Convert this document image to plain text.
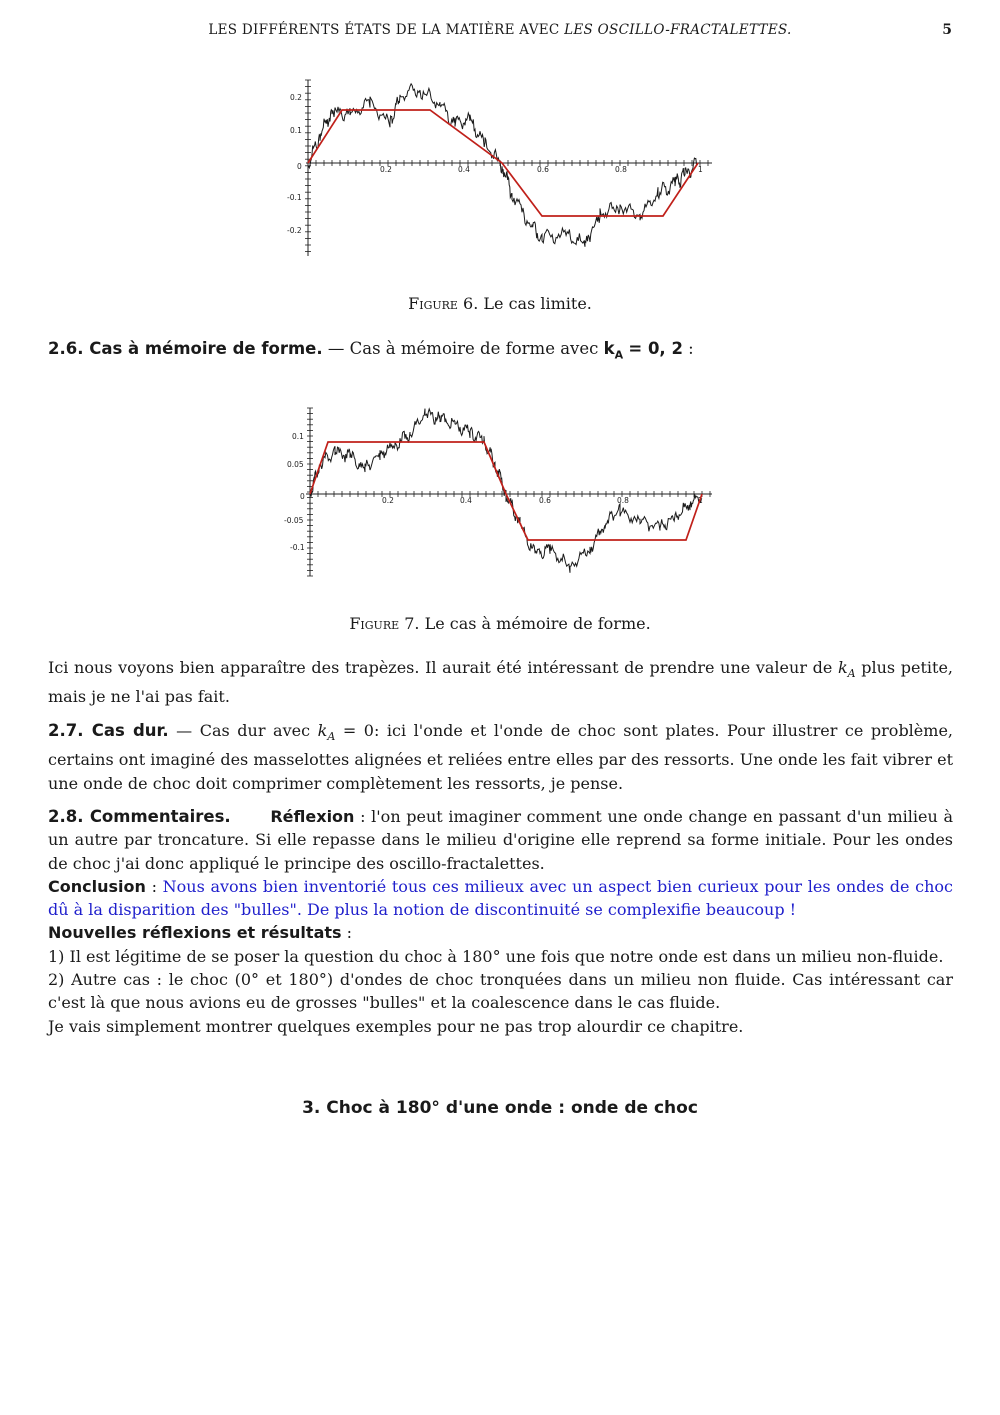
LES DIFFÉRENTS ÉTATS DE LA MATIÈRE AVEC LES OSCILLO-FRACTALETTES.	5
0.2
0.1
0
-0.1
-0.2
0.2	0.4	0.6	0.8	1
Figure 6. Le cas limite.

2.6. Cas à mémoire de forme. — Cas à mémoire de forme avec $k_A = 0$, 2 :

0.1
0.05
0
-0.05
-0.1
0.2	0.4	0.6	0.8	1
Figure 7. Le cas à mémoire de forme.

Ici nous voyons bien apparaître des trapèzes. Il aurait été intéressant de prendre une valeur de $k_A$ plus petite, mais je ne l'ai pas fait.

2.7. Cas dur. — Cas dur avec $k_A = 0$: ici l'onde et l'onde de choc sont plates. Pour illustrer ce problème, certains ont imaginé des masselottes alignées et reliées entre elles par des ressorts. Une onde les fait vibrer et une onde de choc doit comprimer complètement les ressorts, je pense.

2.8. Commentaires. Réflexion : l'on peut imaginer comment une onde change en passant d'un milieu à un autre par troncature. Si elle repasse dans le milieu d'origine elle reprend sa forme initiale. Pour les ondes de choc j'ai donc appliqué le principe des oscillo-fractalettes.
Conclusion : Nous avons bien inventorié tous ces milieux avec un aspect bien curieux pour les ondes de choc dû à la disparition des "bulles". De plus la notion de discontinuité se complexifie beaucoup !
Nouvelles réflexions et résultats :
1) Il est légitime de se poser la question du choc à 180° une fois que notre onde est dans un milieu non-fluide.
2) Autre cas : le choc (0° et 180°) d'ondes de choc tronquées dans un milieu non fluide. Cas intéressant car c'est là que nous avions eu de grosses "bulles" et la coalescence dans le cas fluide.
Je vais simplement montrer quelques exemples pour ne pas trop alourdir ce chapitre.
3. Choc à 180° d'une onde : onde de choc
